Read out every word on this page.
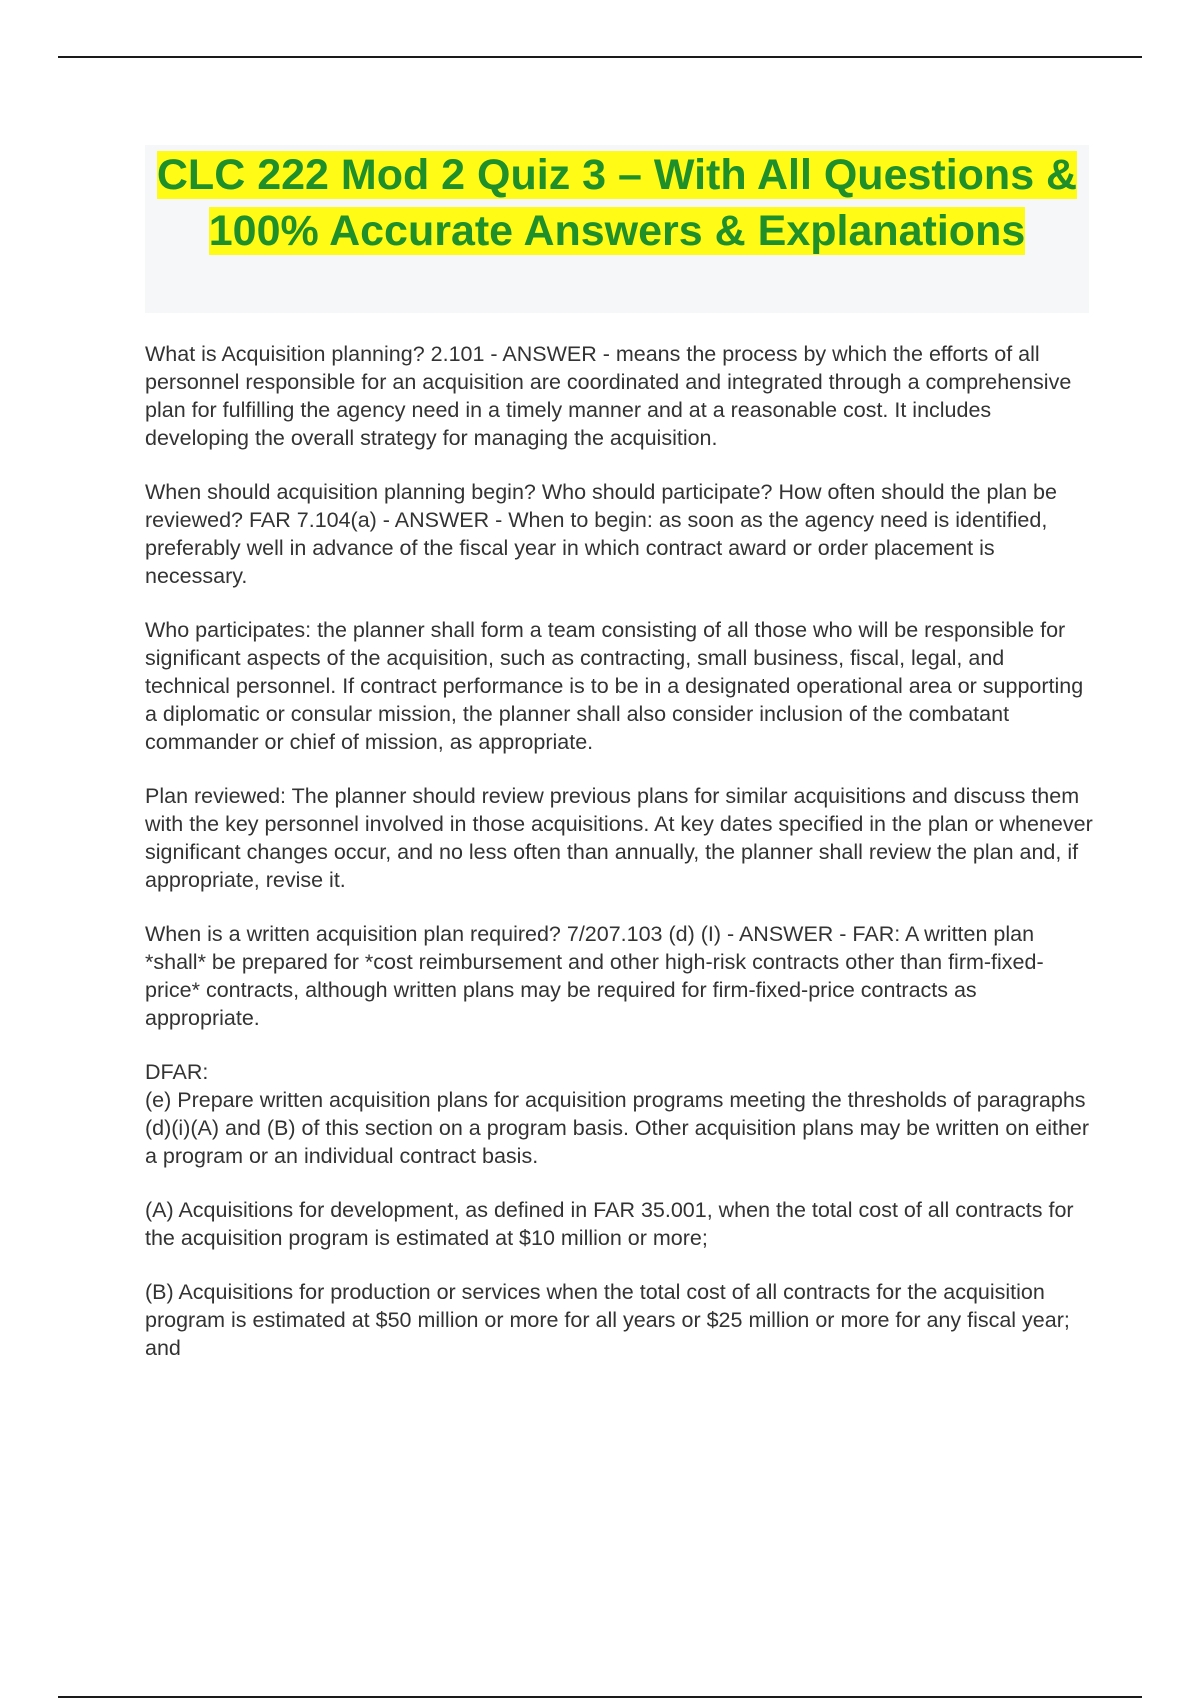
CLC 222 Mod 2 Quiz 3 – With All Questions & 100% Accurate Answers & Explanations

What is Acquisition planning? 2.101 - ANSWER - means the process by which the efforts of all personnel responsible for an acquisition are coordinated and integrated through a comprehensive plan for fulfilling the agency need in a timely manner and at a reasonable cost. It includes developing the overall strategy for managing the acquisition.

When should acquisition planning begin? Who should participate? How often should the plan be reviewed? FAR 7.104(a) - ANSWER - When to begin: as soon as the agency need is identified, preferably well in advance of the fiscal year in which contract award or order placement is necessary.

Who participates: the planner shall form a team consisting of all those who will be responsible for significant aspects of the acquisition, such as contracting, small business, fiscal, legal, and technical personnel. If contract performance is to be in a designated operational area or supporting a diplomatic or consular mission, the planner shall also consider inclusion of the combatant commander or chief of mission, as appropriate.

Plan reviewed: The planner should review previous plans for similar acquisitions and discuss them with the key personnel involved in those acquisitions. At key dates specified in the plan or whenever significant changes occur, and no less often than annually, the planner shall review the plan and, if appropriate, revise it.

When is a written acquisition plan required? 7/207.103 (d) (I) - ANSWER - FAR: A written plan *shall* be prepared for *cost reimbursement and other high-risk contracts other than firm-fixed-price* contracts, although written plans may be required for firm-fixed-price contracts as appropriate.

DFAR:

(e) Prepare written acquisition plans for acquisition programs meeting the thresholds of paragraphs (d)(i)(A) and (B) of this section on a program basis. Other acquisition plans may be written on either a program or an individual contract basis.

(A) Acquisitions for development, as defined in FAR 35.001, when the total cost of all contracts for the acquisition program is estimated at $10 million or more;

(B) Acquisitions for production or services when the total cost of all contracts for the acquisition program is estimated at $50 million or more for all years or $25 million or more for any fiscal year; and
